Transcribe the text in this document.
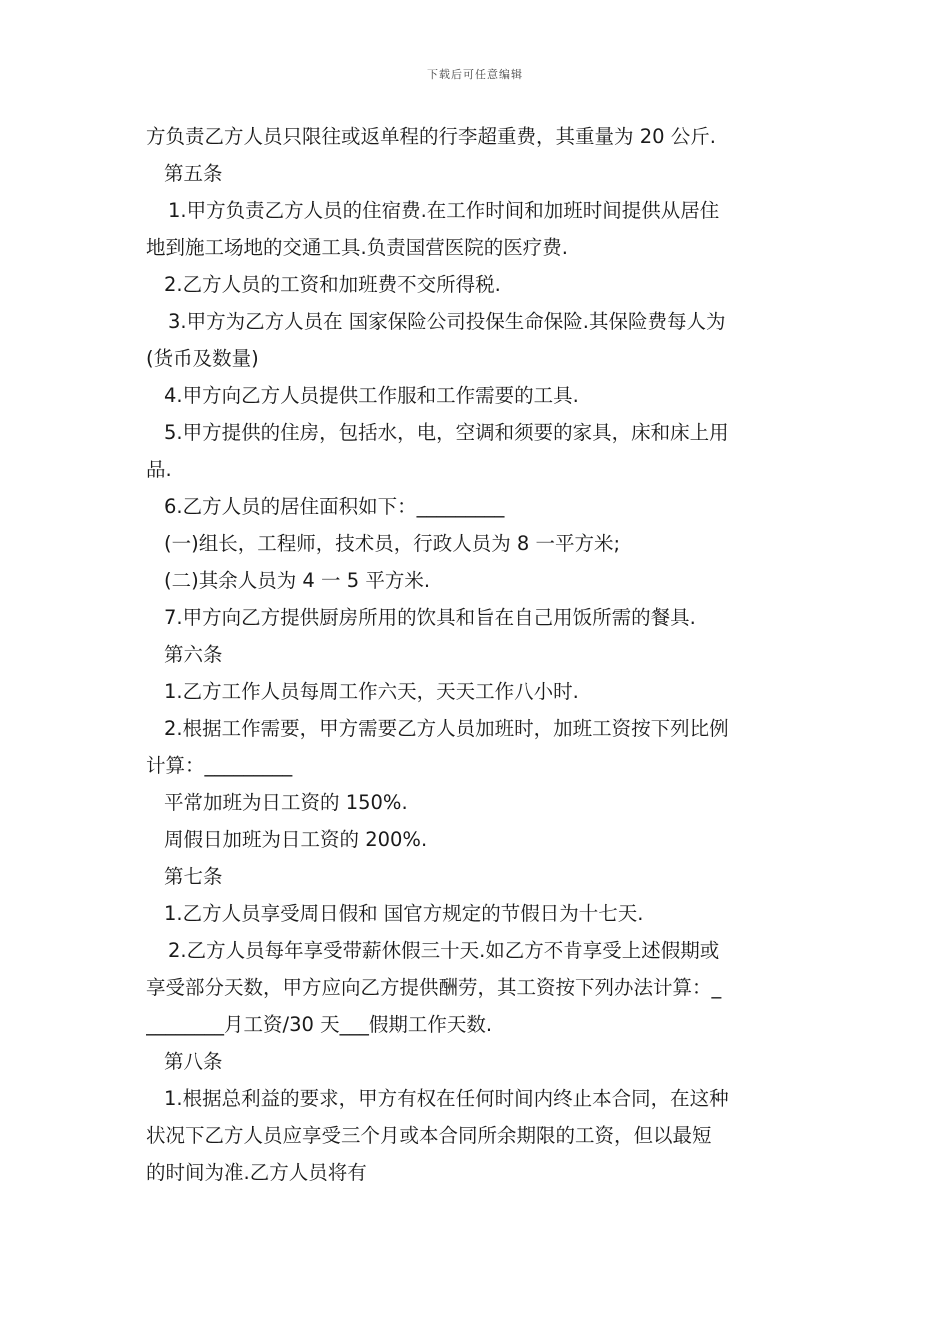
下载后可任意编辑
方负责乙方人员只限往或返单程的行李超重费，其重量为 20 公斤.
第五条
1.甲方负责乙方人员的住宿费.在工作时间和加班时间提供从居住
地到施工场地的交通工具.负责国营医院的医疗费.
2.乙方人员的工资和加班费不交所得税.
3.甲方为乙方人员在 国家保险公司投保生命保险.其保险费每人为
(货币及数量)
4.甲方向乙方人员提供工作服和工作需要的工具.
5.甲方提供的住房，包括水，电，空调和须要的家具，床和床上用
品.
6.乙方人员的居住面积如下：_________
(一)组长，工程师，技术员，行政人员为 8 一平方米;
(二)其余人员为 4 一 5 平方米.
7.甲方向乙方提供厨房所用的饮具和旨在自己用饭所需的餐具.
第六条
1.乙方工作人员每周工作六天，天天工作八小时.
2.根据工作需要，甲方需要乙方人员加班时，加班工资按下列比例
计算：_________
平常加班为日工资的 150%.
周假日加班为日工资的 200%.
第七条
1.乙方人员享受周日假和 国官方规定的节假日为十七天.
2.乙方人员每年享受带薪休假三十天.如乙方不肯享受上述假期或
享受部分天数，甲方应向乙方提供酬劳，其工资按下列办法计算：_
________月工资/30 天___假期工作天数.
第八条
1.根据总利益的要求，甲方有权在任何时间内终止本合同，在这种
状况下乙方人员应享受三个月或本合同所余期限的工资，但以最短
的时间为准.乙方人员将有
